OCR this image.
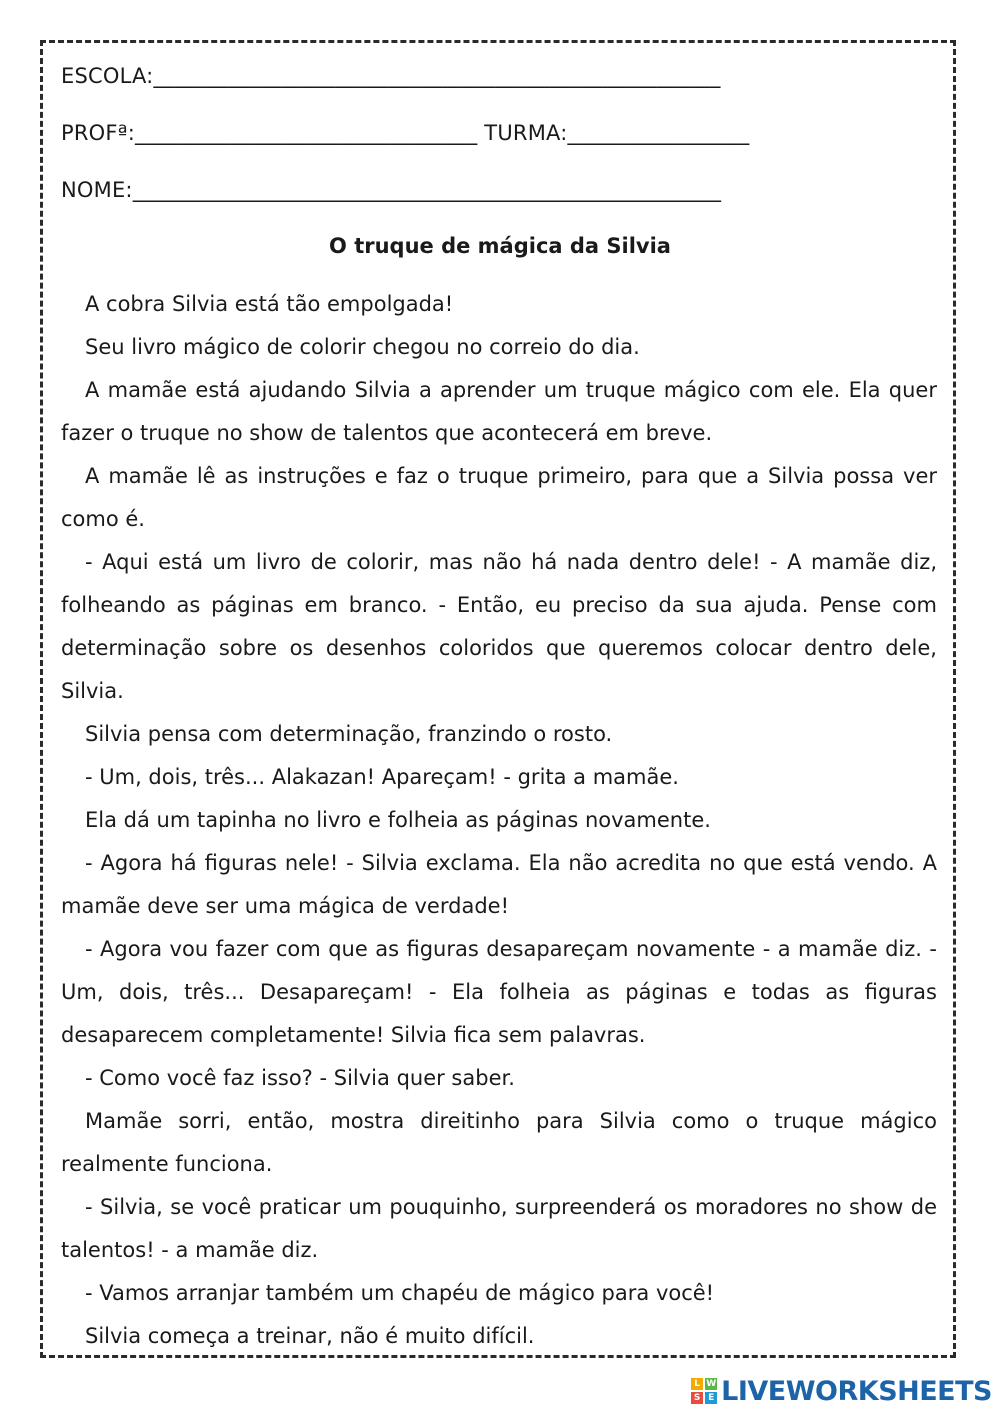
ESCOLA:_____________________________________________________
PROFª:________________________________ TURMA:_________________
NOME:_______________________________________________________
O truque de mágica da Silvia

A cobra Silvia está tão empolgada!

Seu livro mágico de colorir chegou no correio do dia.

A mamãe está ajudando Silvia a aprender um truque mágico com ele. Ela quer fazer o truque no show de talentos que acontecerá em breve.

A mamãe lê as instruções e faz o truque primeiro, para que a Silvia possa ver como é.

- Aqui está um livro de colorir, mas não há nada dentro dele! - A mamãe diz, folheando as páginas em branco. - Então, eu preciso da sua ajuda. Pense com determinação sobre os desenhos coloridos que queremos colocar dentro dele, Silvia.

Silvia pensa com determinação, franzindo o rosto.

- Um, dois, três... Alakazan! Apareçam! - grita a mamãe.

Ela dá um tapinha no livro e folheia as páginas novamente.

- Agora há figuras nele! - Silvia exclama. Ela não acredita no que está vendo. A mamãe deve ser uma mágica de verdade!

- Agora vou fazer com que as figuras desapareçam novamente - a mamãe diz. - Um, dois, três... Desapareçam! - Ela folheia as páginas e todas as figuras desaparecem completamente! Silvia fica sem palavras.

- Como você faz isso? - Silvia quer saber.

Mamãe sorri, então, mostra direitinho para Silvia como o truque mágico realmente funciona.

- Silvia, se você praticar um pouquinho, surpreenderá os moradores no show de talentos! - a mamãe diz.

- Vamos arranjar também um chapéu de mágico para você!

Silvia começa a treinar, não é muito difícil.

L W
S E LIVEWORKSHEETS
